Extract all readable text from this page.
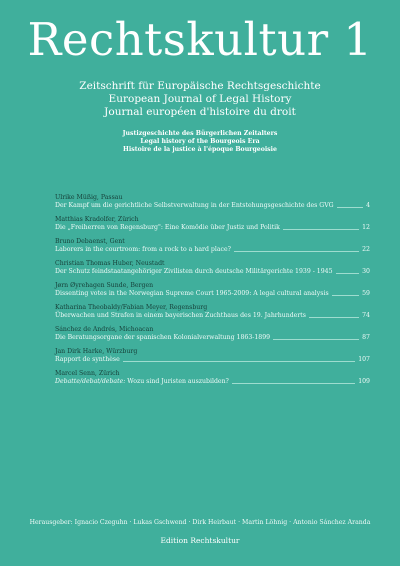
Rechtskultur 1
Zeitschrift für Europäische Rechtsgeschichte
European Journal of Legal History
Journal européen d'histoire du droit
Justizgeschichte des Bürgerlichen Zeitalters
Legal history of the Bourgeois Era
Histoire de la justice à l'époque Bourgeoisie
Ulrike Müßig, Passau
Der Kampf um die gerichtliche Selbstverwaltung in der Entstehungsgeschichte des GVG	4
Matthias Kradolfer, Zürich
Die „Freiherren von Regensburg": Eine Komödie über Justiz und Politik	12
Bruno Debaenst, Gent
Laborers in the courtroom: from a rock to a hard place?	22
Christian Thomas Huber, Neustadt
Der Schutz feindstaatangehöriger Zivilisten durch deutsche Militärgerichte 1939 - 1945	30
Jørn Øyrehagen Sunde, Bergen
Dissenting votes in the Norwegian Supreme Court 1965-2009: A legal cultural analysis	59
Katharina Theobaldy/Fabian Meyer, Regensburg
Überwachen und Strafen in einem bayerischen Zuchthaus des 19. Jahrhunderts	74
Sánchez de Andrés, Michoacan
Die Beratungsorgane der spanischen Kolonialverwaltung 1863-1899	87
Jan Dirk Harke, Würzburg
Rapport de synthèse	107
Marcel Senn, Zürich
Debatte/debat/debate: Wozu sind Juristen auszubilden?	109
Herausgeber: Ignacio Czeguhn · Lukas Gschwend · Dirk Heirbaut · Martin Löhnig · Antonio Sánchez Aranda
Edition Rechtskultur
